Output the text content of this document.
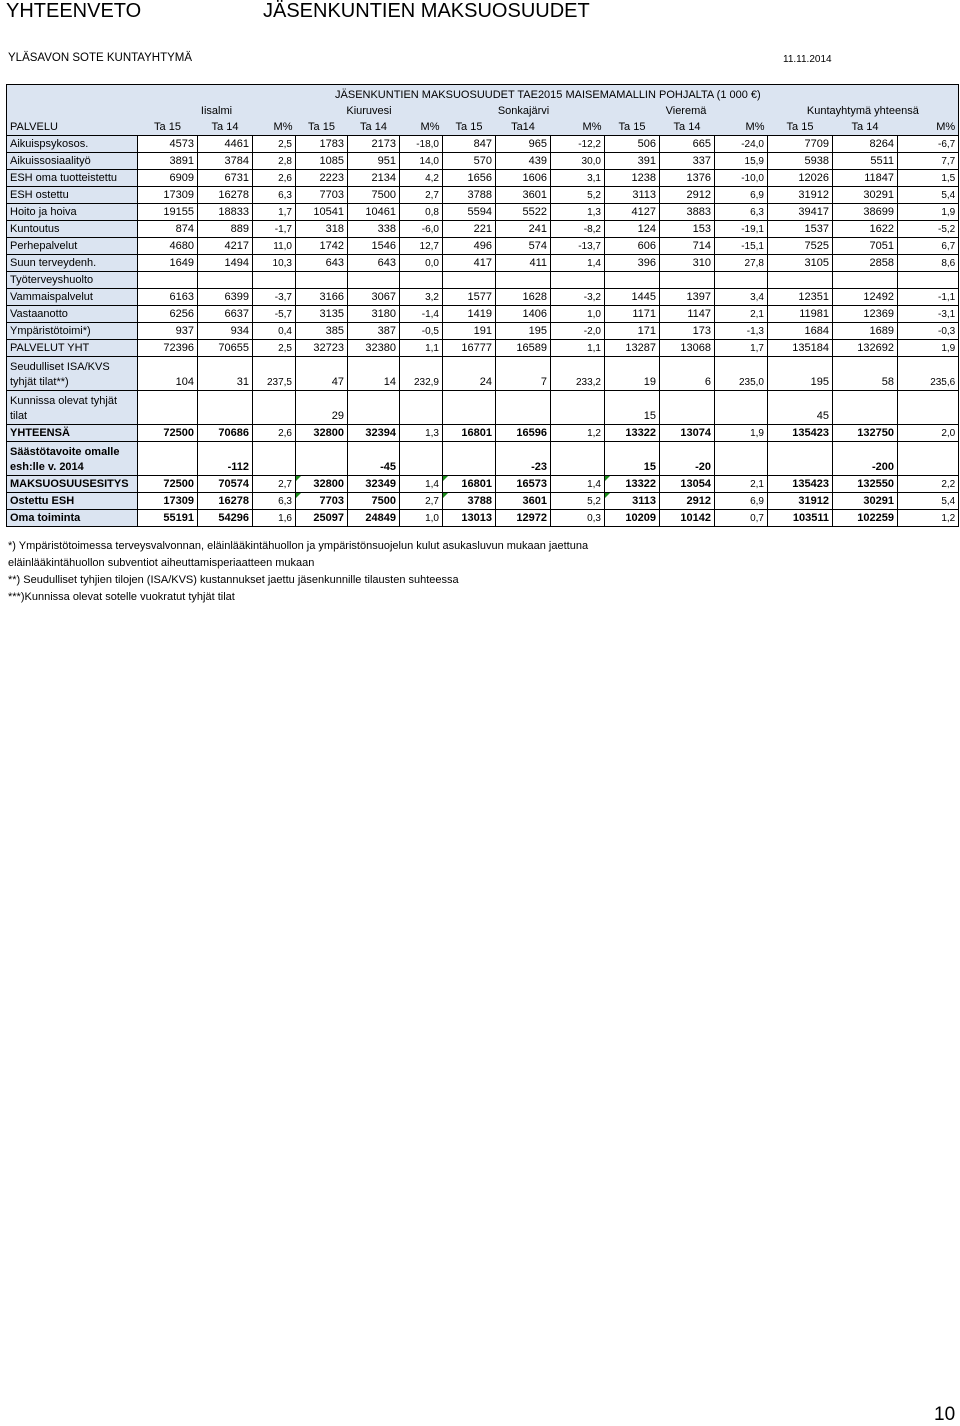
YHTEENVETO	JÄSENKUNTIEN MAKSUOSUUDET
YLÄSAVON SOTE KUNTAYHTYMÄ	11.11.2014
	JÄSENKUNTIEN MAKSUOSUUDET TAE2015 MAISEMAMALLIN POHJALTA (1 000 €)														
	Iisalmi			Kiuruvesi			Sonkajärvi			Vieremä			Kuntayhtymä yhteensä		
PALVELU	Ta 15	Ta 14	M%	Ta 15	Ta 14	M%	Ta 15	Ta14	M%	Ta 15	Ta 14	M%	Ta 15	Ta 14	M%
Aikuispsykosos.	4573	4461	2,5	1783	2173	-18,0	847	965	-12,2	506	665	-24,0	7709	8264	-6,7
Aikuissosiaalityö	3891	3784	2,8	1085	951	14,0	570	439	30,0	391	337	15,9	5938	5511	7,7
ESH oma tuotteistettu	6909	6731	2,6	2223	2134	4,2	1656	1606	3,1	1238	1376	-10,0	12026	11847	1,5
ESH ostettu	17309	16278	6,3	7703	7500	2,7	3788	3601	5,2	3113	2912	6,9	31912	30291	5,4
Hoito ja hoiva	19155	18833	1,7	10541	10461	0,8	5594	5522	1,3	4127	3883	6,3	39417	38699	1,9
Kuntoutus	874	889	-1,7	318	338	-6,0	221	241	-8,2	124	153	-19,1	1537	1622	-5,2
Perhepalvelut	4680	4217	11,0	1742	1546	12,7	496	574	-13,7	606	714	-15,1	7525	7051	6,7
Suun terveydenh.	1649	1494	10,3	643	643	0,0	417	411	1,4	396	310	27,8	3105	2858	8,6
Työterveyshuolto															
Vammaispalvelut	6163	6399	-3,7	3166	3067	3,2	1577	1628	-3,2	1445	1397	3,4	12351	12492	-1,1
Vastaanotto	6256	6637	-5,7	3135	3180	-1,4	1419	1406	1,0	1171	1147	2,1	11981	12369	-3,1
Ympäristötoimi*)	937	934	0,4	385	387	-0,5	191	195	-2,0	171	173	-1,3	1684	1689	-0,3
PALVELUT YHT	72396	70655	2,5	32723	32380	1,1	16777	16589	1,1	13287	13068	1,7	135184	132692	1,9
Seudulliset ISA/KVS tyhjät tilat**)	104	31	237,5	47	14	232,9	24	7	233,2	19	6	235,0	195	58	235,6
Kunnissa olevat tyhjät tilat				29						15			45		
YHTEENSÄ	72500	70686	2,6	32800	32394	1,3	16801	16596	1,2	13322	13074	1,9	135423	132750	2,0
Säästötavoite omalle esh:lle v. 2014		-112			-45			-23		15	-20			-200	
MAKSUOSUUSESITYS	72500	70574	2,7	32800	32349	1,4	16801	16573	1,4	13322	13054	2,1	135423	132550	2,2
Ostettu ESH	17309	16278	6,3	7703	7500	2,7	3788	3601	5,2	3113	2912	6,9	31912	30291	5,4
Oma toiminta	55191	54296	1,6	25097	24849	1,0	13013	12972	0,3	10209	10142	0,7	103511	102259	1,2
*) Ympäristötoimessa terveysvalvonnan, eläinlääkintähuollon ja ympäristönsuojelun kulut asukasluvun mukaan jaettuna
eläinlääkintähuollon subventiot aiheuttamisperiaatteen mukaan
**) Seudulliset tyhjien tilojen (ISA/KVS) kustannukset jaettu jäsenkunnille tilausten suhteessa
***)Kunnissa olevat sotelle vuokratut tyhjät tilat
10
